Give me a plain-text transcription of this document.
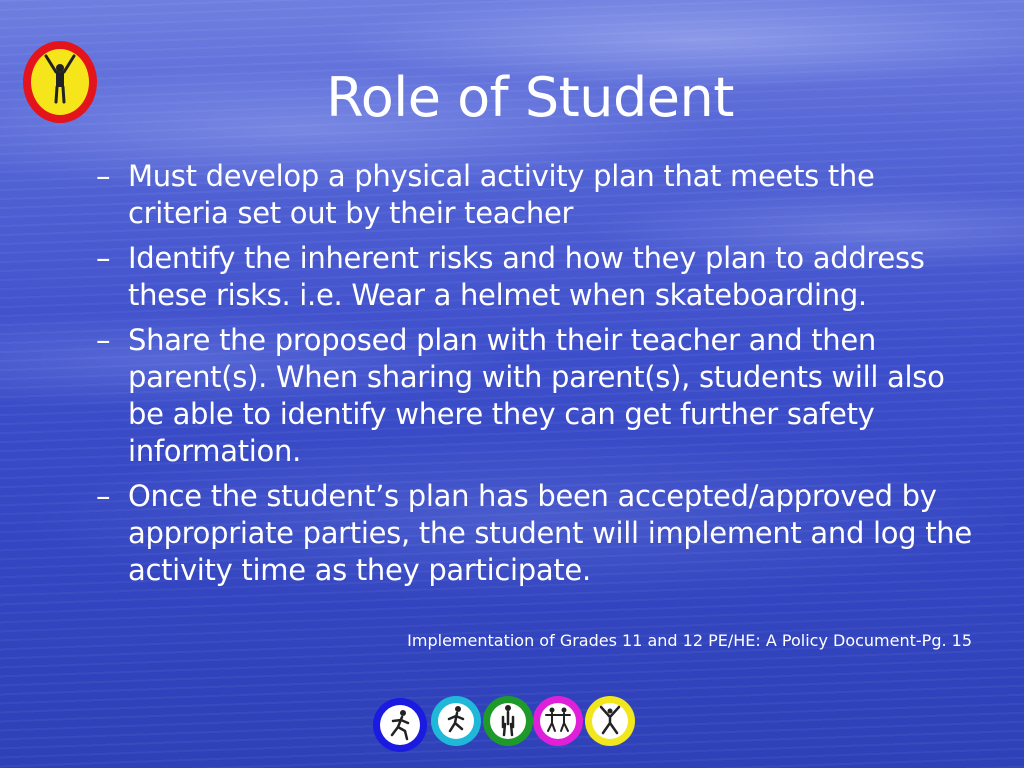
Role of Student
– Must develop a physical activity plan that meets the criteria set out by their teacher
– Identify the inherent risks and how they plan to address these risks. i.e. Wear a helmet when skateboarding.
– Share the proposed plan with their teacher and then parent(s). When sharing with parent(s), students will also be able to identify where they can get further safety information.
– Once the student’s plan has been accepted/approved by appropriate parties, the student will implement and log the activity time as they participate.
Implementation of Grades 11 and 12 PE/HE: A Policy Document-Pg. 15
